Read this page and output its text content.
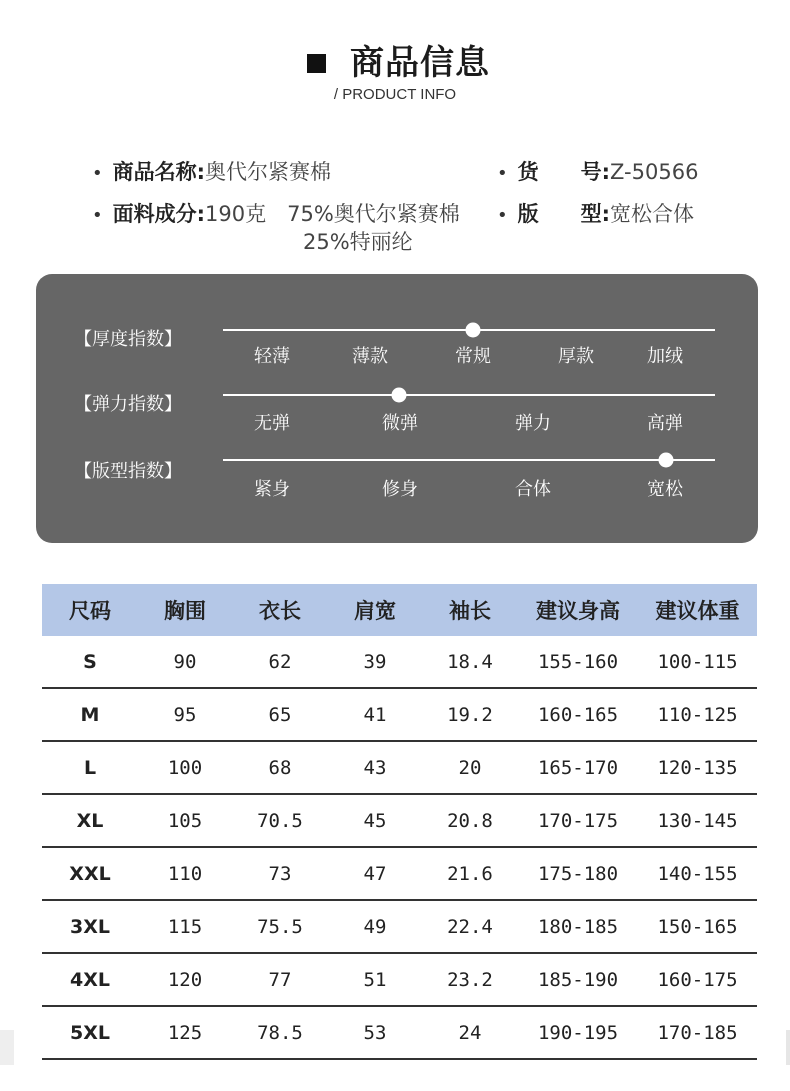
商品信息
/ PRODUCT INFO
• 商品名称:奥代尔紧赛棉	• 货　　号:Z-50566
• 面料成分:190克　75%奥代尔紧赛棉
25%特丽纶
• 版　　型:宽松合体
【厚度指数】
轻薄	薄款	常规	厚款	加绒
【弹力指数】
无弹	微弹	弹力	高弹
【版型指数】
紧身	修身	合体	宽松
尺码	胸围	衣长	肩宽	袖长	建议身高	建议体重
S	90	62	39	18.4	155-160	100-115
M	95	65	41	19.2	160-165	110-125
L	100	68	43	20	165-170	120-135
XL	105	70.5	45	20.8	170-175	130-145
XXL	110	73	47	21.6	175-180	140-155
3XL	115	75.5	49	22.4	180-185	150-165
4XL	120	77	51	23.2	185-190	160-175
5XL	125	78.5	53	24	190-195	170-185
